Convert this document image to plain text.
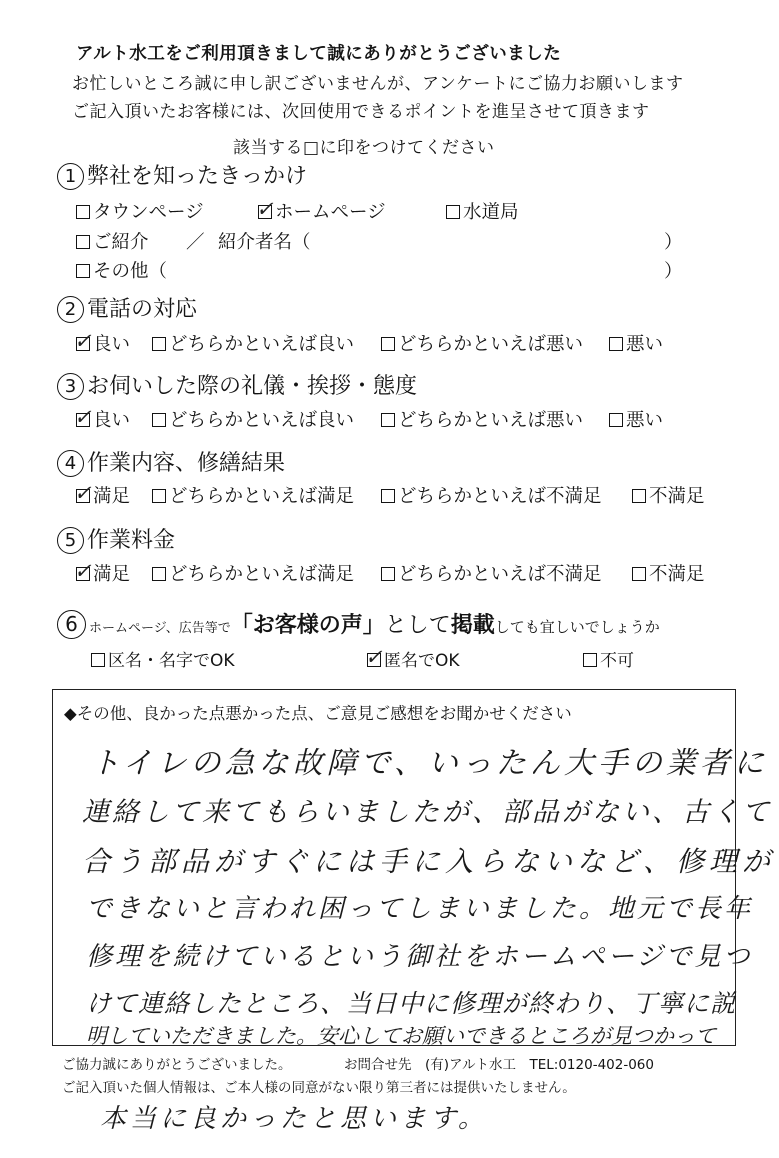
アルト水工をご利用頂きまして誠にありがとうございました
お忙しいところ誠に申し訳ございませんが、アンケートにご協力お願いします
ご記入頂いたお客様には、次回使用できるポイントを進呈させて頂きます
該当する□に印をつけてください
1 弊社を知ったきっかけ
タウンページ ✓ ホームページ	水道局
ご紹介 ／ 紹介者名（	）
その他（	）
2 電話の対応
✓ 良い	どちらかといえば良い	どちらかといえば悪い	悪い
3 お伺いした際の礼儀・挨拶・態度
✓ 良い	どちらかといえば良い	どちらかといえば悪い	悪い
4 作業内容、修繕結果
✓ 満足	どちらかといえば満足	どちらかといえば不満足	不満足
5 作業料金
✓ 満足	どちらかといえば満足	どちらかといえば不満足	不満足
6 ホームページ、広告等で「お客様の声」として掲載しても宜しいでしょうか
区名・名字でOK	✓ 匿名でOK	不可
◆その他、良かった点悪かった点、ご意見ご感想をお聞かせください
トイレの急な故障で、いったん大手の業者に
連絡して来てもらいましたが、部品がない、古くて
合う部品がすぐには手に入らないなど、修理が
できないと言われ困ってしまいました。地元で長年
修理を続けているという御社をホームページで見つ
けて連絡したところ、当日中に修理が終わり、丁寧に説
明していただきました。安心してお願いできるところが見つかって
ご協力誠にありがとうございました。	お問合せ先　(有)アルト水工　TEL:0120-402-060
ご記入頂いた個人情報は、ご本人様の同意がない限り第三者には提供いたしません。
本当に良かったと思います。
